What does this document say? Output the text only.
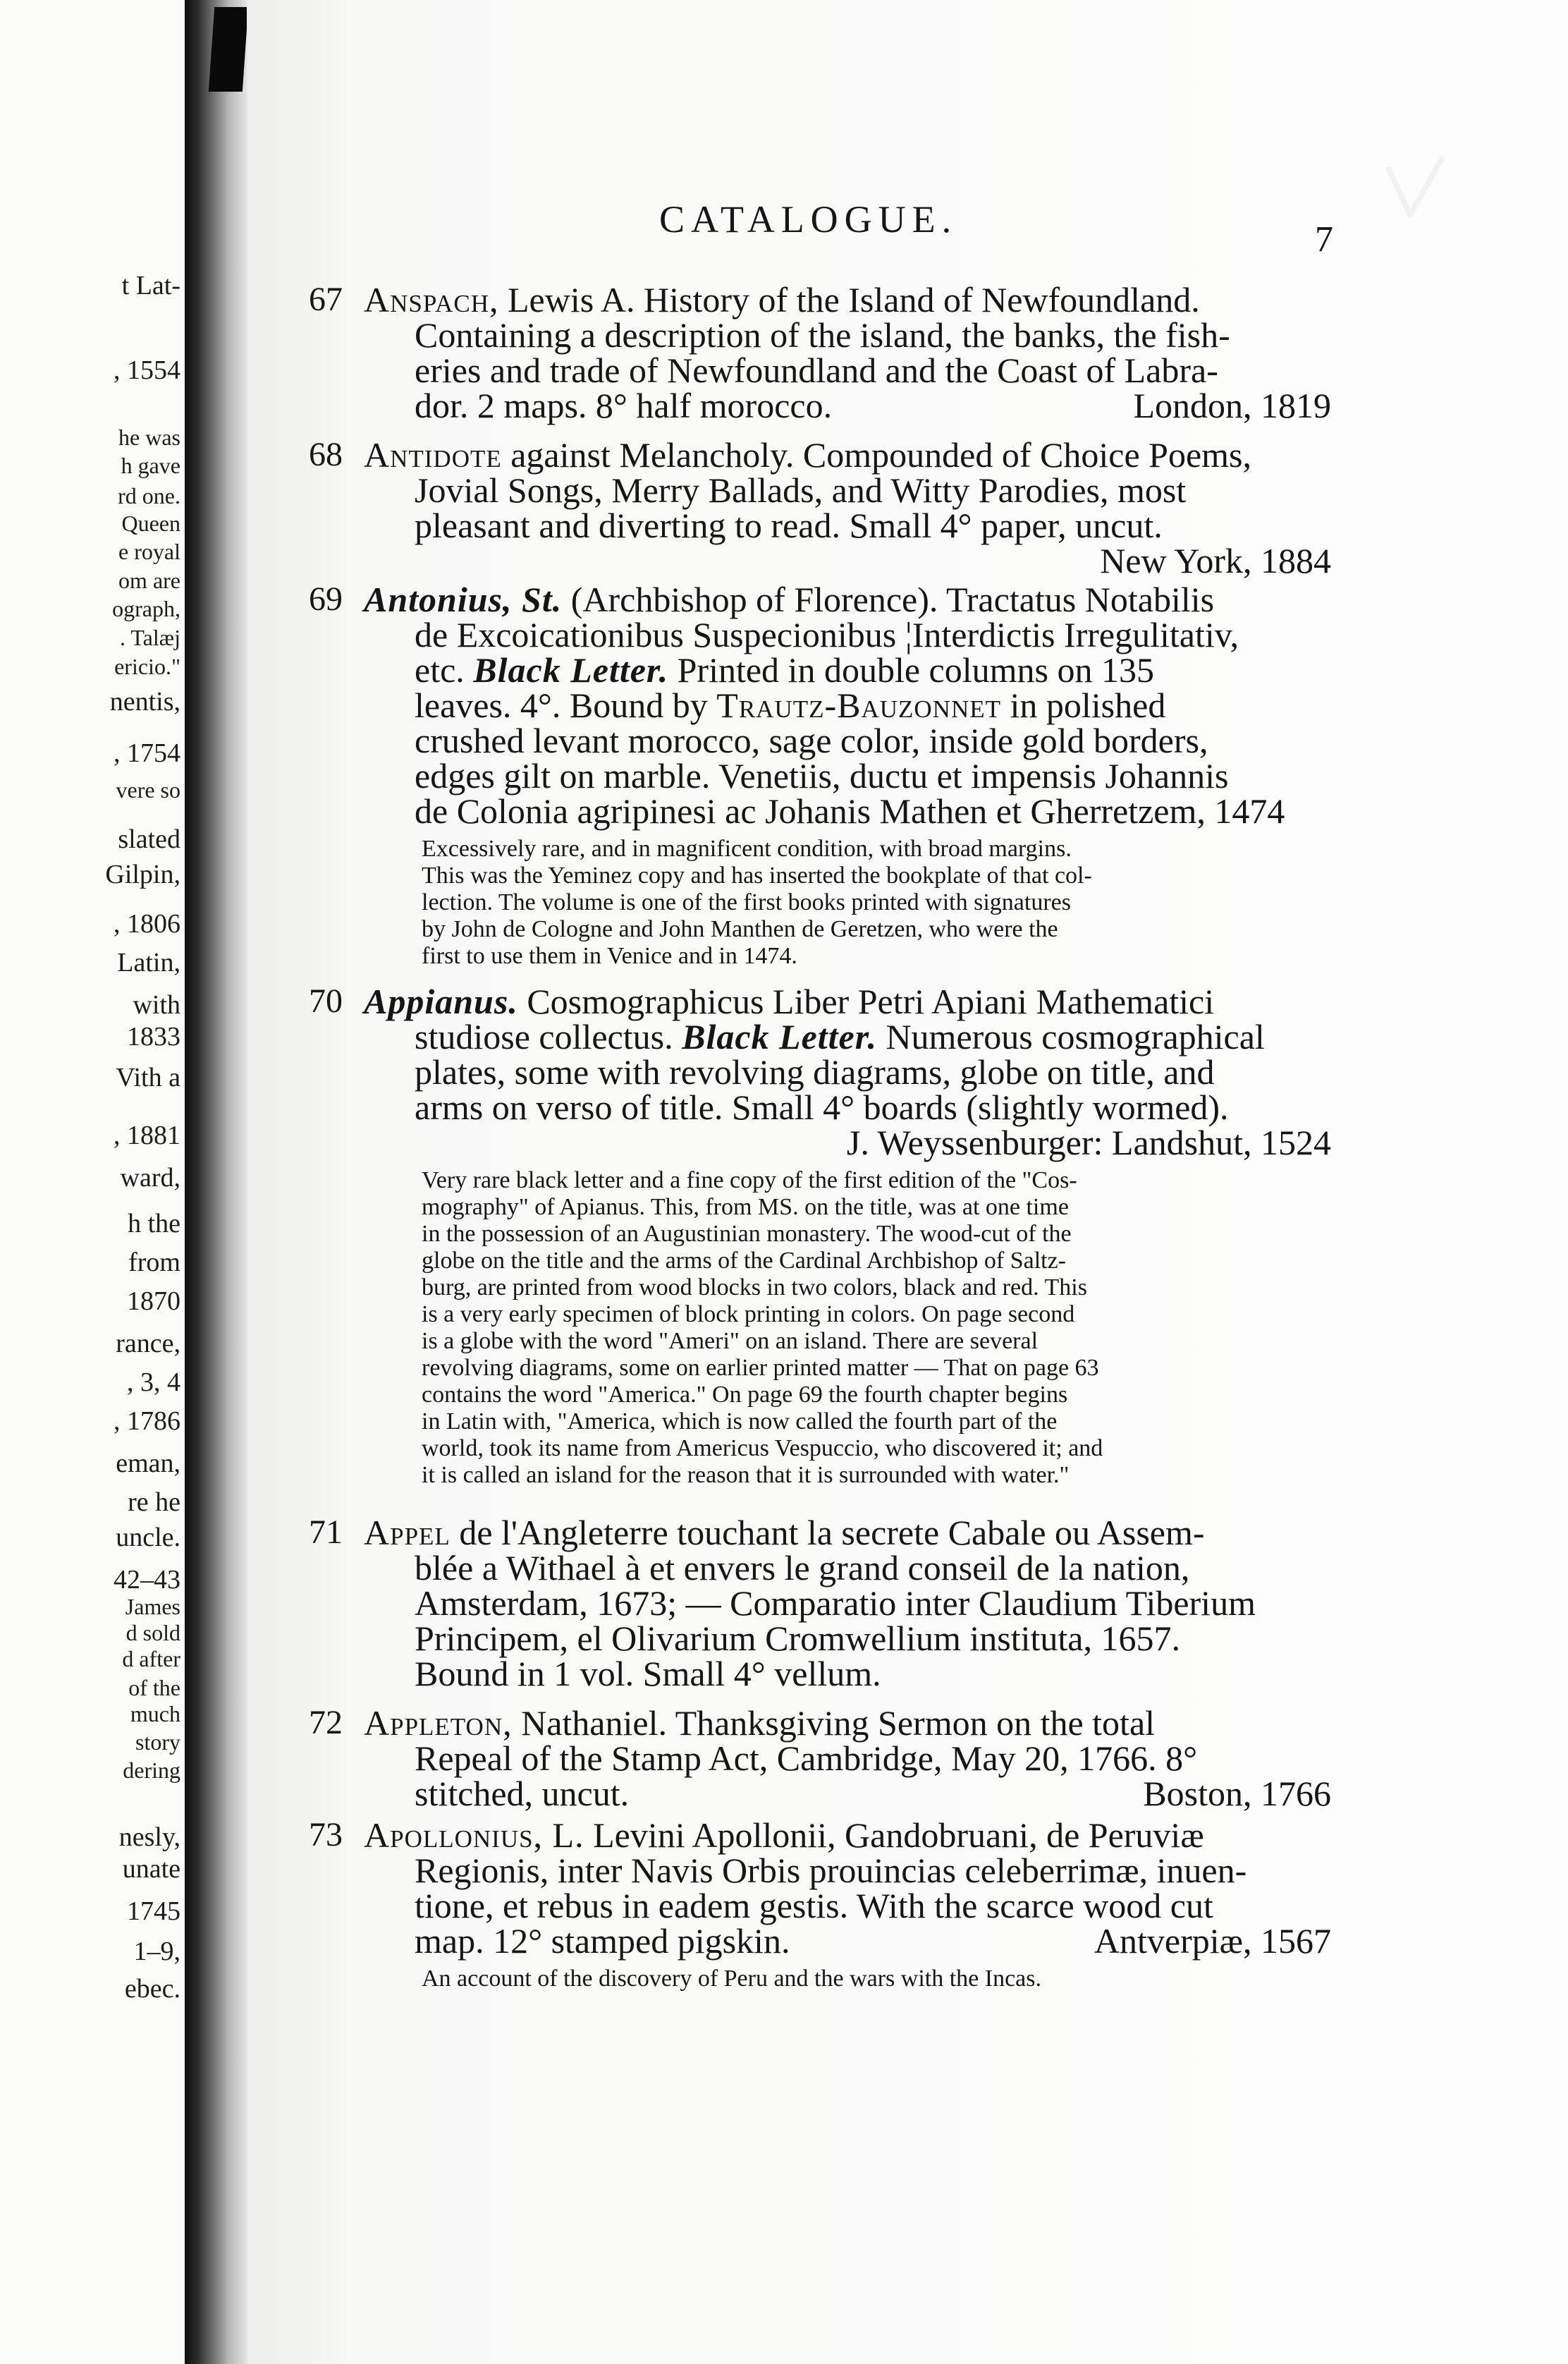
t Lat-
, 1554
he was
h gave
rd one.
Queen
e royal
om are
ograph,
. Talæj
ericio."
nentis,
, 1754
vere so
slated
Gilpin,
, 1806
Latin,
with
1833
Vith a
, 1881
ward,
h the
from
1870
rance,
, 3, 4
, 1786
eman,
re he
uncle.
42–43
James
d sold
d after
of the
much
story
dering
nesly,
unate
1745
1–9,
ebec.
CATALOGUE.	7
67 Anspach, Lewis A. History of the Island of Newfoundland.
Containing a description of the island, the banks, the fish-
eries and trade of Newfoundland and the Coast of Labra-
dor. 2 maps. 8° half morocco.	London, 1819
68 Antidote against Melancholy. Compounded of Choice Poems,
Jovial Songs, Merry Ballads, and Witty Parodies, most
pleasant and diverting to read. Small 4° paper, uncut.
New York, 1884
69 Antonius, St. (Archbishop of Florence). Tractatus Notabilis
de Excoicationibus Suspecionibus ¦Interdictis Irregulitativ,
etc. Black Letter. Printed in double columns on 135
leaves. 4°. Bound by Trautz-Bauzonnet in polished
crushed levant morocco, sage color, inside gold borders,
edges gilt on marble. Venetiis, ductu et impensis Johannis
de Colonia agripinesi ac Johanis Mathen et Gherretzem, 1474
Excessively rare, and in magnificent condition, with broad margins.
This was the Yeminez copy and has inserted the bookplate of that col-
lection. The volume is one of the first books printed with signatures
by John de Cologne and John Manthen de Geretzen, who were the
first to use them in Venice and in 1474.
70 Appianus. Cosmographicus Liber Petri Apiani Mathematici
studiose collectus. Black Letter. Numerous cosmographical
plates, some with revolving diagrams, globe on title, and
arms on verso of title. Small 4° boards (slightly wormed).
J. Weyssenburger: Landshut, 1524
Very rare black letter and a fine copy of the first edition of the "Cos-
mography" of Apianus. This, from MS. on the title, was at one time
in the possession of an Augustinian monastery. The wood-cut of the
globe on the title and the arms of the Cardinal Archbishop of Saltz-
burg, are printed from wood blocks in two colors, black and red. This
is a very early specimen of block printing in colors. On page second
is a globe with the word "Ameri" on an island. There are several
revolving diagrams, some on earlier printed matter — That on page 63
contains the word "America." On page 69 the fourth chapter begins
in Latin with, "America, which is now called the fourth part of the
world, took its name from Americus Vespuccio, who discovered it; and
it is called an island for the reason that it is surrounded with water."
71 Appel de l'Angleterre touchant la secrete Cabale ou Assem-
blée a Withael à et envers le grand conseil de la nation,
Amsterdam, 1673; — Comparatio inter Claudium Tiberium
Principem, el Olivarium Cromwellium instituta, 1657.
Bound in 1 vol. Small 4° vellum.
72 Appleton, Nathaniel. Thanksgiving Sermon on the total
Repeal of the Stamp Act, Cambridge, May 20, 1766. 8°
stitched, uncut.	Boston, 1766
73 Apollonius, L. Levini Apollonii, Gandobruani, de Peruviæ
Regionis, inter Navis Orbis prouincias celeberrimæ, inuen-
tione, et rebus in eadem gestis. With the scarce wood cut
map. 12° stamped pigskin.	Antverpiæ, 1567
An account of the discovery of Peru and the wars with the Incas.
